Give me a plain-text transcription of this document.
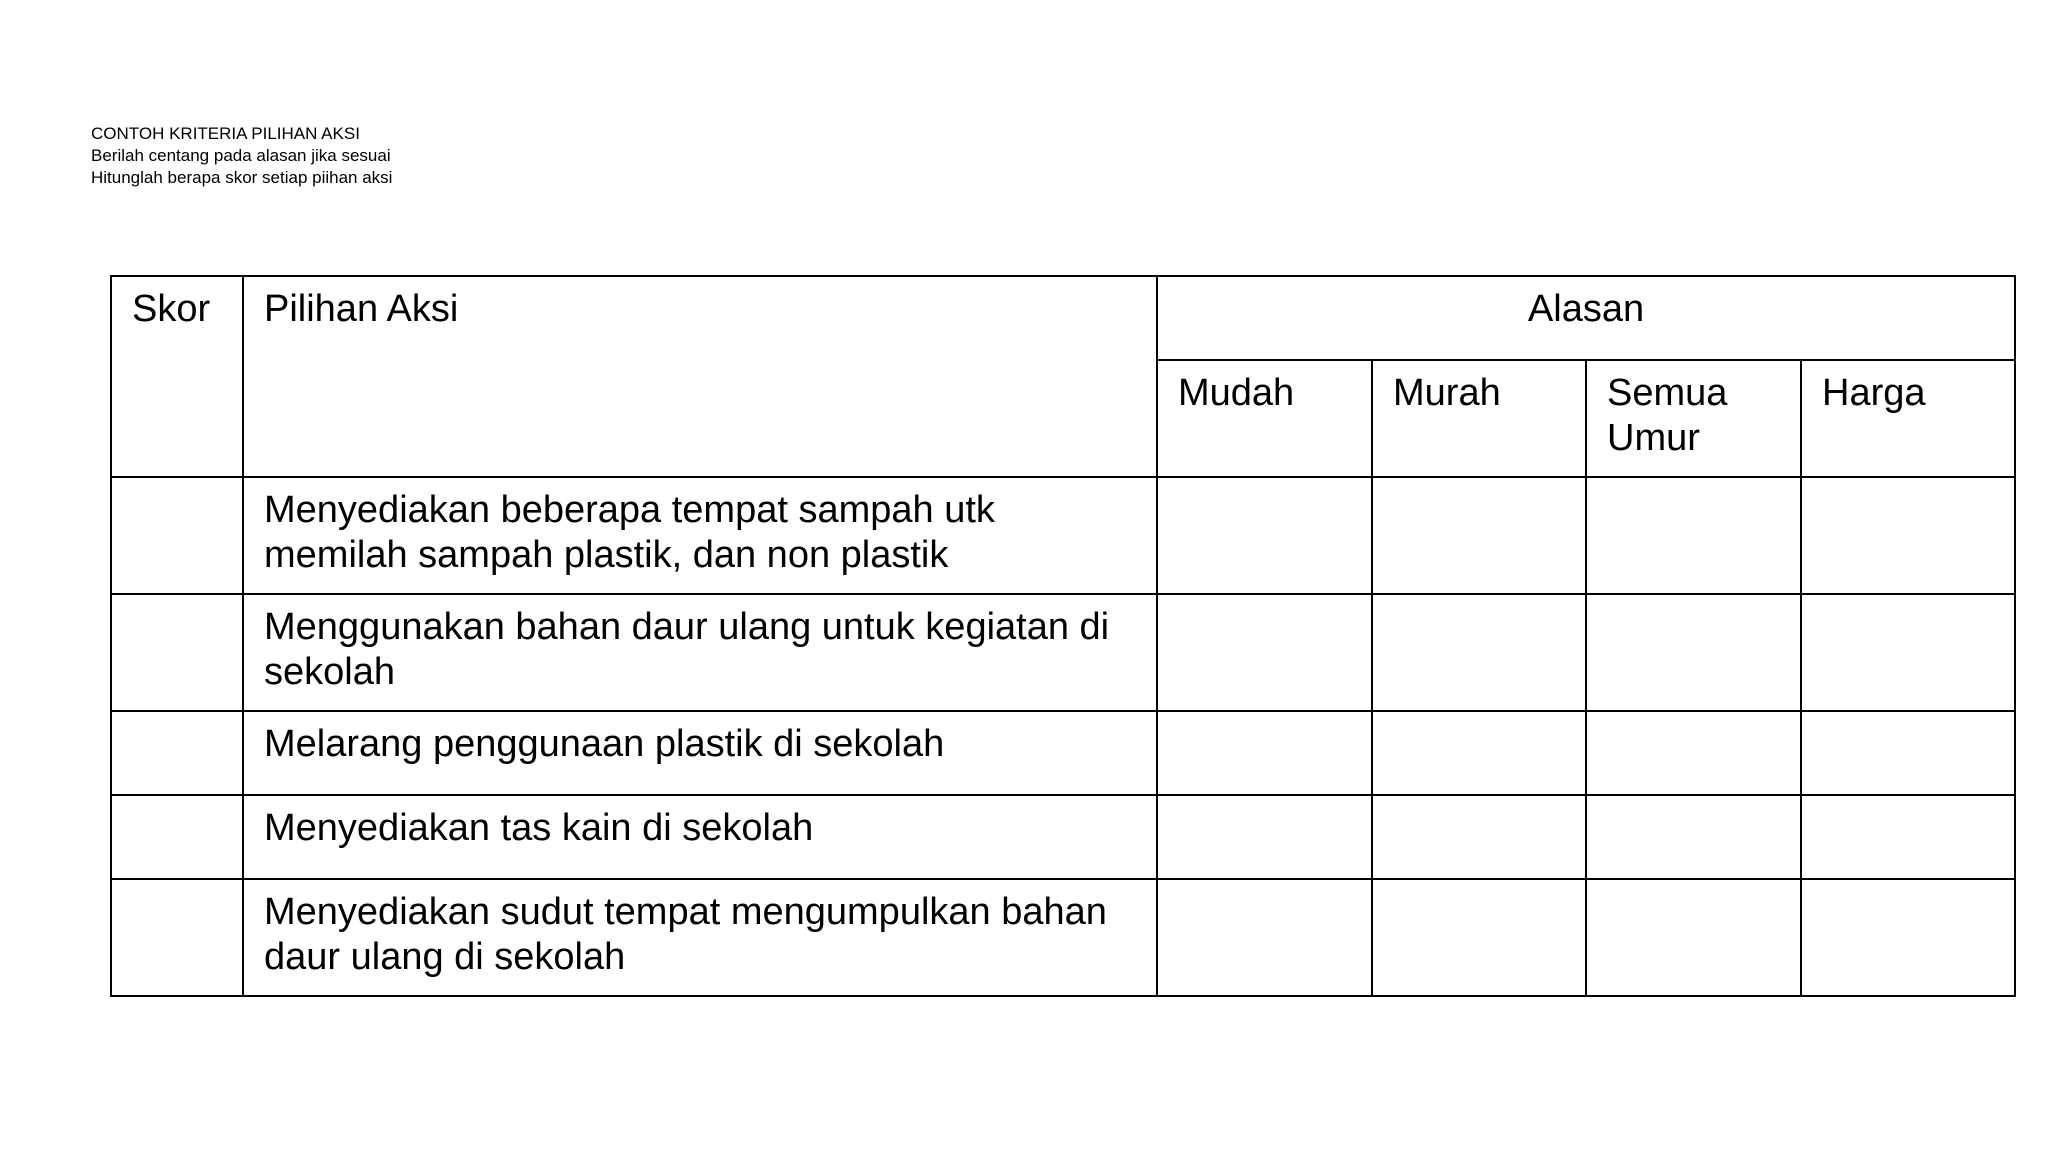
CONTOH KRITERIA PILIHAN AKSI
Berilah centang pada alasan jika sesuai
Hitunglah berapa skor setiap piihan aksi
Skor	Pilihan Aksi	Alasan			
		Mudah	Murah	Semua Umur	Harga
	Menyediakan beberapa tempat sampah utk memilah sampah plastik, dan non plastik				
	Menggunakan bahan daur ulang untuk kegiatan di sekolah				
	Melarang penggunaan plastik di sekolah				
	Menyediakan tas kain di sekolah				
	Menyediakan sudut tempat mengumpulkan bahan daur ulang di sekolah				
